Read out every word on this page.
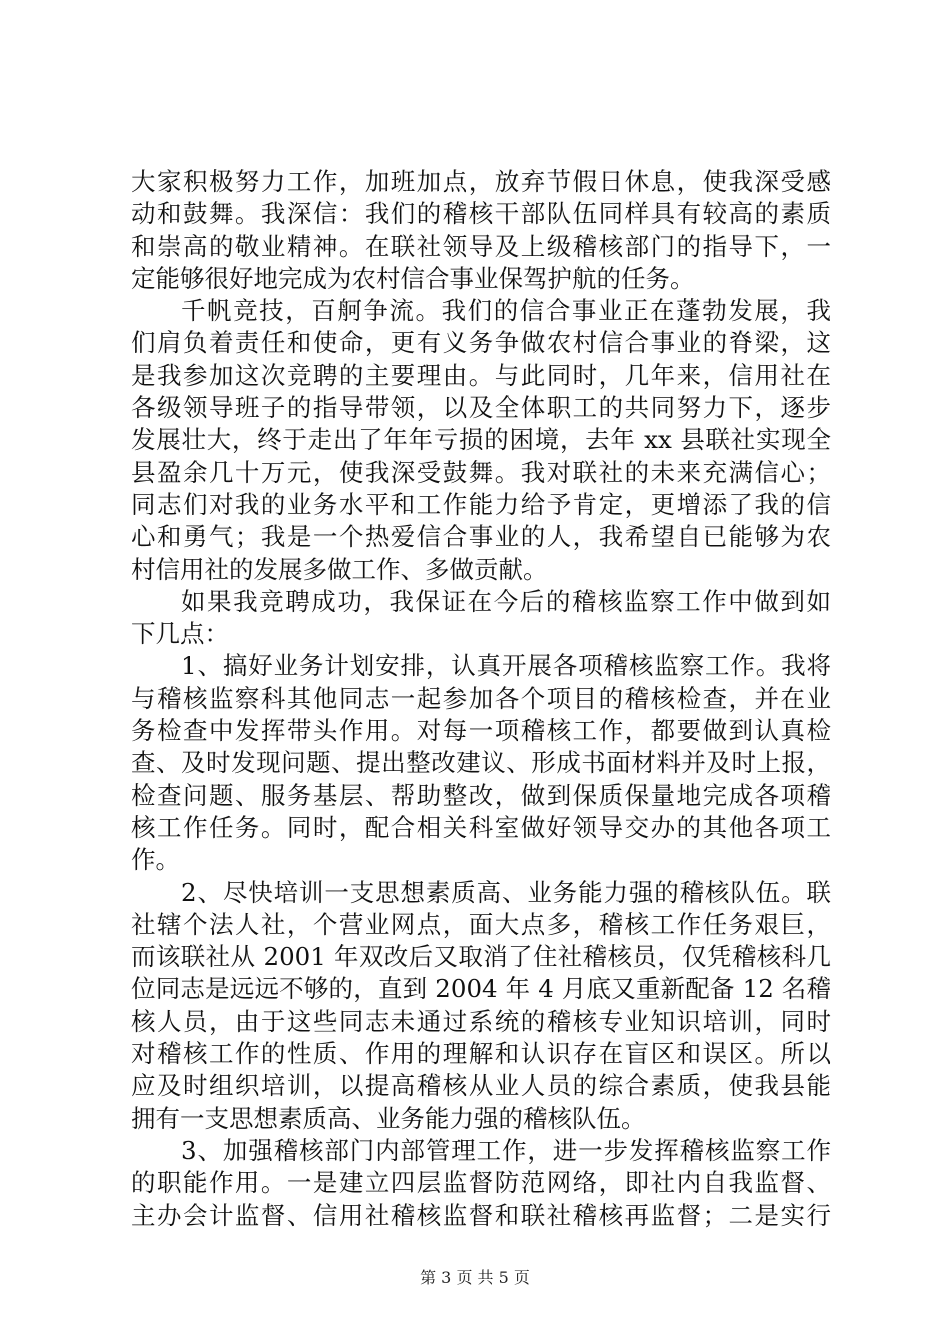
大家积极努力工作，加班加点，放弃节假日休息，使我深受感
动和鼓舞。我深信：我们的稽核干部队伍同样具有较高的素质
和崇高的敬业精神。在联社领导及上级稽核部门的指导下，一
定能够很好地完成为农村信合事业保驾护航的任务。
千帆竞技，百舸争流。我们的信合事业正在蓬勃发展，我
们肩负着责任和使命，更有义务争做农村信合事业的脊梁，这
是我参加这次竞聘的主要理由。与此同时，几年来，信用社在
各级领导班子的指导带领，以及全体职工的共同努力下，逐步
发展壮大，终于走出了年年亏损的困境，去年 xx 县联社实现全
县盈余几十万元，使我深受鼓舞。我对联社的未来充满信心；
同志们对我的业务水平和工作能力给予肯定，更增添了我的信
心和勇气；我是一个热爱信合事业的人，我希望自已能够为农
村信用社的发展多做工作、多做贡献。
如果我竞聘成功，我保证在今后的稽核监察工作中做到如
下几点：
1、搞好业务计划安排，认真开展各项稽核监察工作。我将
与稽核监察科其他同志一起参加各个项目的稽核检查，并在业
务检查中发挥带头作用。对每一项稽核工作，都要做到认真检
查、及时发现问题、提出整改建议、形成书面材料并及时上报，
检查问题、服务基层、帮助整改，做到保质保量地完成各项稽
核工作任务。同时，配合相关科室做好领导交办的其他各项工
作。
2、尽快培训一支思想素质高、业务能力强的稽核队伍。联
社辖个法人社，个营业网点，面大点多，稽核工作任务艰巨，
而该联社从 2001 年双改后又取消了住社稽核员，仅凭稽核科几
位同志是远远不够的，直到 2004 年 4 月底又重新配备 12 名稽
核人员，由于这些同志未通过系统的稽核专业知识培训，同时
对稽核工作的性质、作用的理解和认识存在盲区和误区。所以
应及时组织培训，以提高稽核从业人员的综合素质，使我县能
拥有一支思想素质高、业务能力强的稽核队伍。
3、加强稽核部门内部管理工作，进一步发挥稽核监察工作
的职能作用。一是建立四层监督防范网络，即社内自我监督、
主办会计监督、信用社稽核监督和联社稽核再监督；二是实行
第 3 页 共 5 页
